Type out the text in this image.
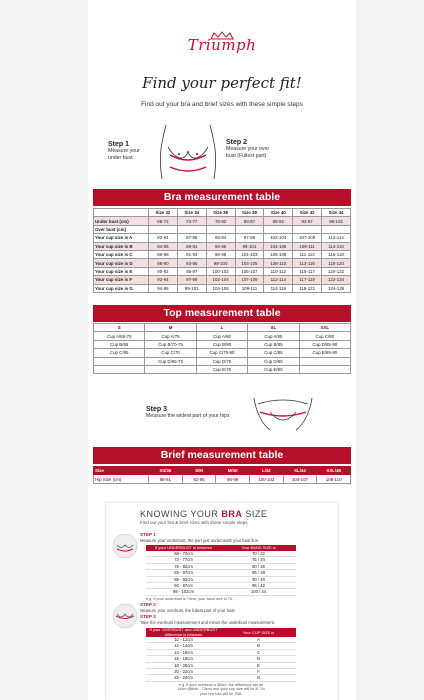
Triumph
Find your perfect fit!
Find out your bra and brief sizes with these simple steps
Step 1
Measure your
under bust
Step 2
Measure your over
bust (Fullest part)
Bra measurement table
	Size 32	Size 34	Size 36	Size 38	Size 40	Size 42	Size 44
Under bust (cm)	68-72	73-77	78-82	83-87	88-92	93-97	98-102
Over bust (cm)							
Your cup size is A	82-84	87-89	92-94	97-99	102-104	107-109	112-114
Your cup size is B	84-86	89-91	94-96	99-101	104-106	109-111	114-116
Your cup size is C	86-88	91-93	96-98	101-103	106-108	111-113	116-118
Your cup size is D	88-90	93-95	98-100	103-105	108-110	113-115	118-120
Your cup size is E	90-92	95-97	100-102	105-107	110-112	115-117	120-122
Your cup size is F	92-94	97-99	102-104	107-109	112-114	117-119	122-124
Your cup size is G	94-96	99-101	104-106	109-111	114-116	119-121	124-126
Top measurement table
S	M	L	XL	XXL
Cup A/65-70	Cup A/75	Cup A/80	Cup A/85	Cup C/90
Cup B/65	Cup B/70-75	Cup B/80	Cup B/85	Cup D/85-90
Cup C/65	Cup C/70	Cup C/75-80	Cup C/85	Cup E/85-90
	Cup D/65-70	Cup D/75	Cup D/80	
		Cup E/75	Cup E/80	
Step 3
Measure the widest part of your hips
Brief measurement table
Size	XS/36	S/M	M/40	L/42	XL/44	XXL/46
Hip Size (cm)	88-91	92-95	96-99	100-103	104-107	108-110
KNOWING YOUR BRA SIZE
Find out your bra & brief sizes with these simple steps
STEP 1
Measure your underbust, the part just underneath your bust line.
If your UNDERBUST is between	Your BAND SIZE is
68 - 72cm	70 / 32
73 - 77cm	75 / 34
78 - 82cm	80 / 36
83 - 87cm	85 / 38
88 - 92cm	90 / 40
93 - 97cm	95 / 42
98 - 102cm	100 / 44
e.g. If your underbust is 74cm, your band size is 75.
STEP 2
Measure your overbust, the fullest part of your bust.
STEP 3
Take the overbust measurement and minus the underbust measurement.
If your OVERBUST and UNDERBUST difference is between	Your CUP SIZE is
10 - 12cm	A
12 - 14cm	B
14 - 16cm	C
16 - 18cm	D
18 - 20cm	E
20 - 22cm	F
22 - 24cm	G
e.g. If your overbust is 88cm, the difference will be
14cm (88cm - 74cm) and your cup size will be B. So
your bra size will be 75B.
